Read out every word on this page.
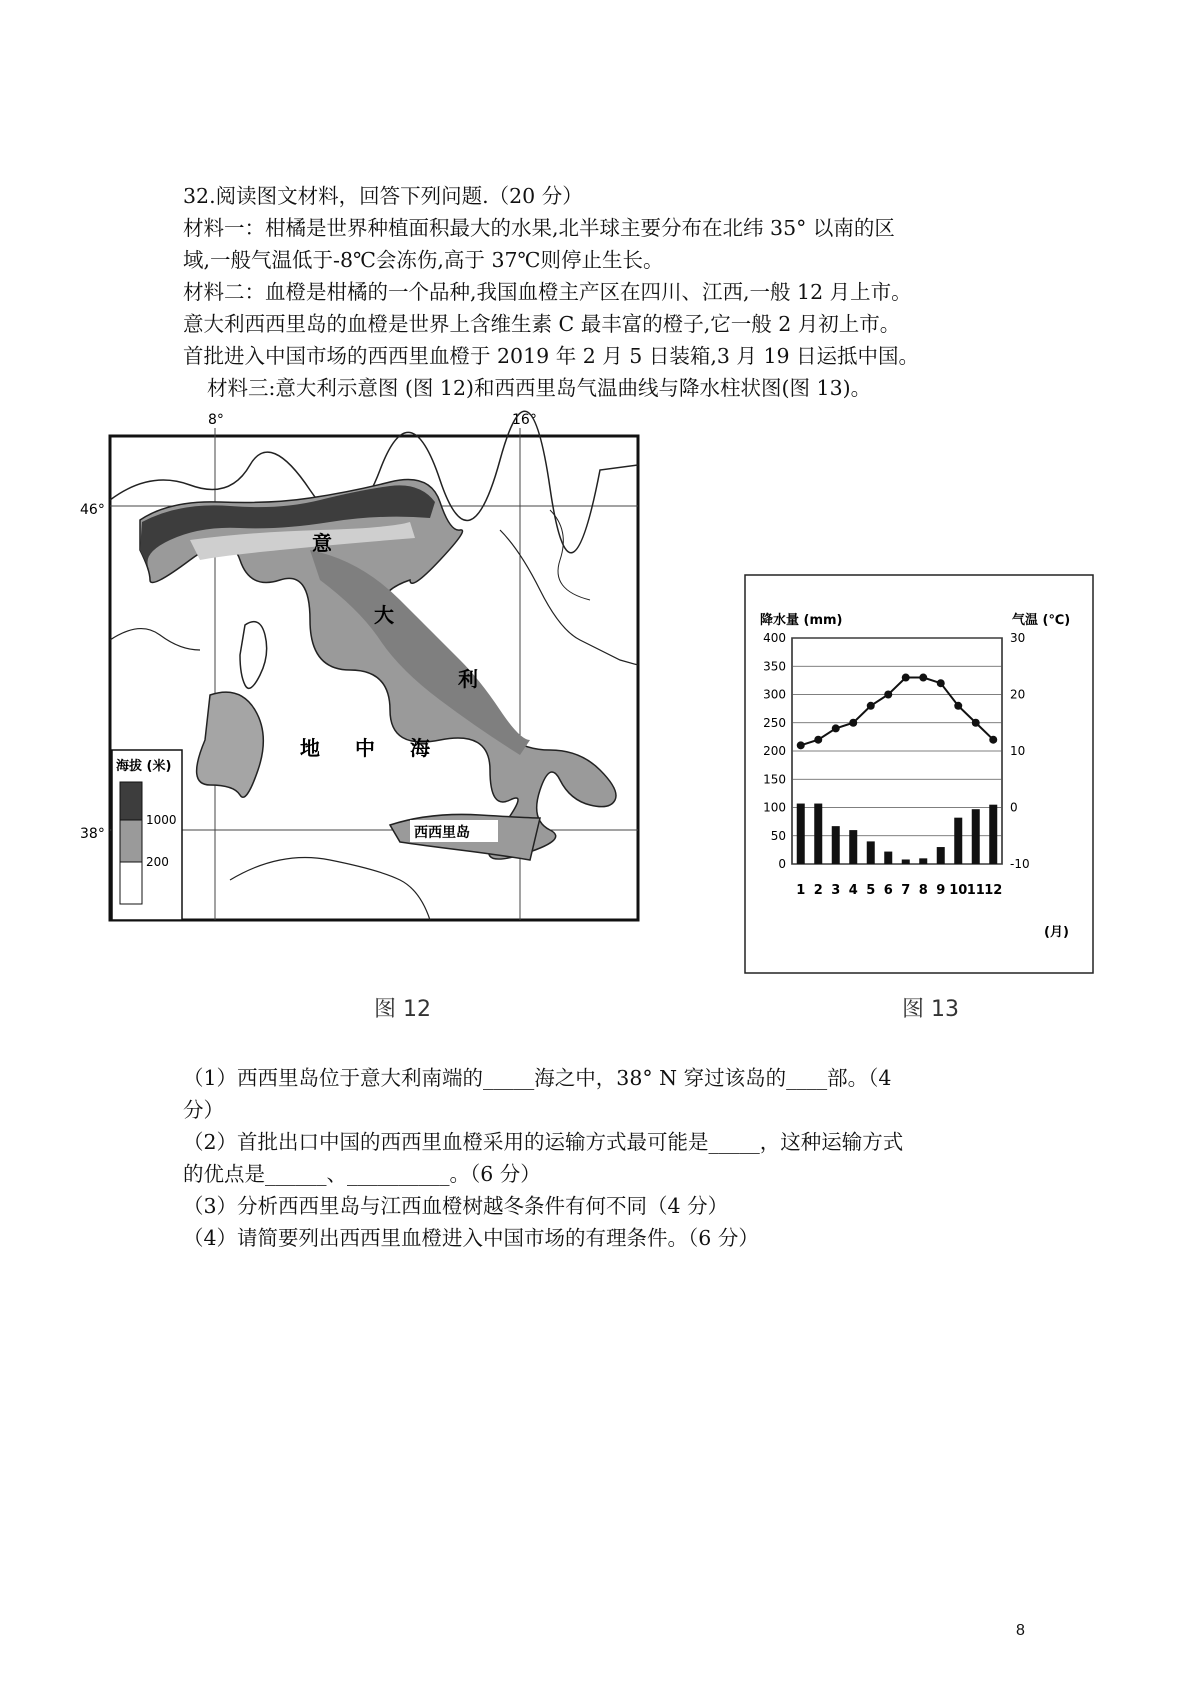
32.阅读图文材料，回答下列问题.（20 分）
材料一：柑橘是世界种植面积最大的水果,北半球主要分布在北纬 35° 以南的区
域,一般气温低于-8℃会冻伤,高于 37℃则停止生长。
材料二：血橙是柑橘的一个品种,我国血橙主产区在四川、江西,一般 12 月上市。
意大利西西里岛的血橙是世界上含维生素 C 最丰富的橙子,它一般 2 月初上市。
首批进入中国市场的西西里血橙于 2019 年 2 月 5 日装箱,3 月 19 日运抵中国。
材料三:意大利示意图 (图 12)和西西里岛气温曲线与降水柱状图(图 13)。
8°	16°
46°
38°	西西里岛
意
大
利
地 中 海
海拔 (米)
1000
200
图 12
降水量 (mm)	气温 (℃)
0
50
100
150
200
250
300
350
400
-10
0
10
20
30
1 2 3 4 5 6 7 8 9 10 11 12
(月)
图 13
（1）西西里岛位于意大利南端的_____海之中，38° N 穿过该岛的____部。（4
分）
（2）首批出口中国的西西里血橙采用的运输方式最可能是_____，这种运输方式
的优点是______、__________。（6 分）
（3）分析西西里岛与江西血橙树越冬条件有何不同（4 分）
（4）请简要列出西西里血橙进入中国市场的有理条件。（6 分）
8
